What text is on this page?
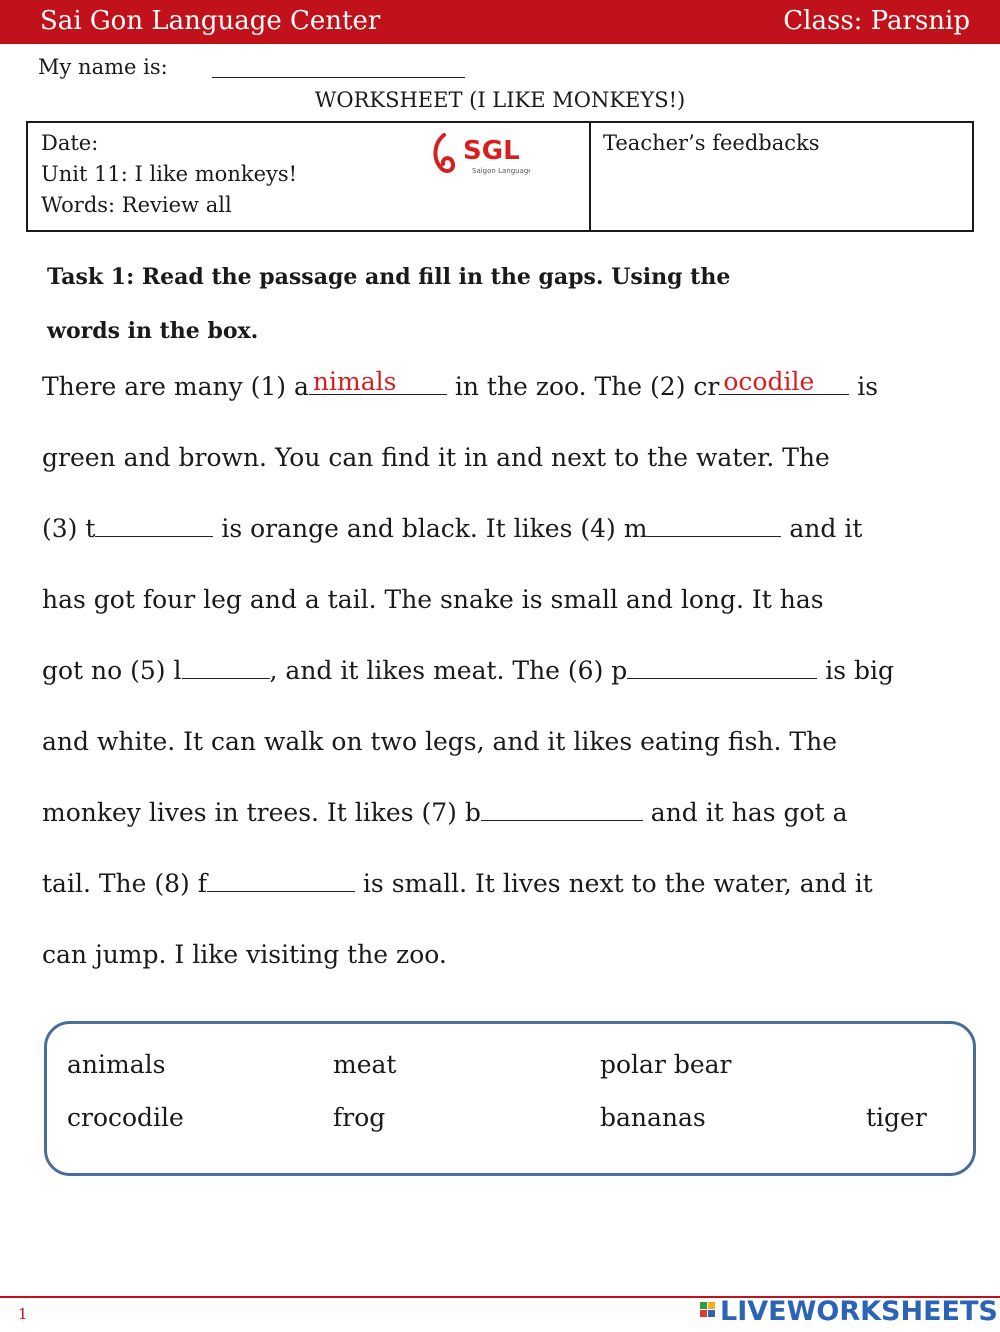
Sai Gon Language Center	Class: Parsnip
My name is:
WORKSHEET (I LIKE MONKEYS!)
Date:
Unit 11: I like monkeys!
Words: Review all
Teacher’s feedbacks
SGL
Saigon Language
Task 1: Read the passage and fill in the gaps. Using the
words in the box.
There are many (1) a nimals in the zoo. The (2) cr ocodile is
green and brown. You can find it in and next to the water. The
(3) t	is orange and black. It likes (4) m	and it
has got four leg and a tail. The snake is small and long. It has
got no (5) l	, and it likes meat. The (6) p	is big
and white. It can walk on two legs, and it likes eating fish. The
monkey lives in trees. It likes (7) b	and it has got a
tail. The (8) f	is small. It lives next to the water, and it
can jump. I like visiting the zoo.
animals	meat	polar bear
crocodile	frog	bananas	tiger
1	LIVEWORKSHEETS
